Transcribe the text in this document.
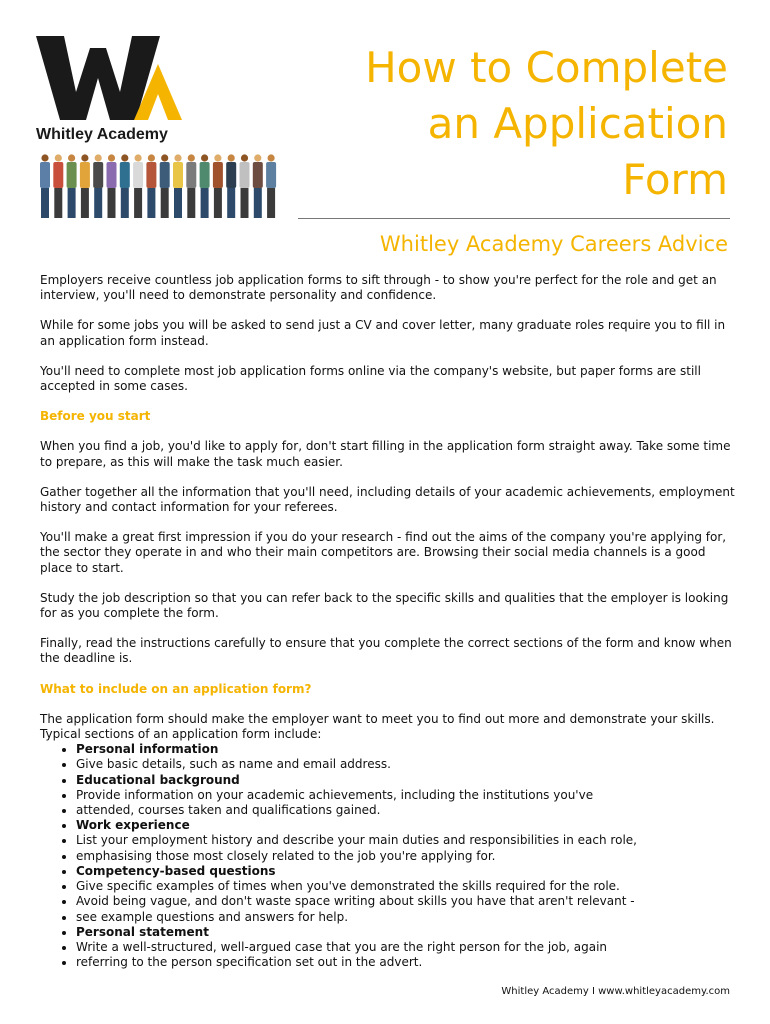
Whitley Academy
How to Complete
an Application
Form
Whitley Academy Careers Advice

Employers receive countless job application forms to sift through - to show you're perfect for the role and get an interview, you'll need to demonstrate personality and confidence.

While for some jobs you will be asked to send just a CV and cover letter, many graduate roles require you to fill in an application form instead.

You'll need to complete most job application forms online via the company's website, but paper forms are still accepted in some cases.

Before you start

When you find a job, you'd like to apply for, don't start filling in the application form straight away. Take some time to prepare, as this will make the task much easier.

Gather together all the information that you'll need, including details of your academic achievements, employment history and contact information for your referees.

You'll make a great first impression if you do your research - find out the aims of the company you're applying for, the sector they operate in and who their main competitors are. Browsing their social media channels is a good place to start.

Study the job description so that you can refer back to the specific skills and qualities that the employer is looking for as you complete the form.

Finally, read the instructions carefully to ensure that you complete the correct sections of the form and know when the deadline is.

What to include on an application form?

The application form should make the employer want to meet you to find out more and demonstrate your skills. Typical sections of an application form include:

• Personal information
• Give basic details, such as name and email address.
• Educational background
• Provide information on your academic achievements, including the institutions you've
• attended, courses taken and qualifications gained.
• Work experience
• List your employment history and describe your main duties and responsibilities in each role,
• emphasising those most closely related to the job you're applying for.
• Competency-based questions
• Give specific examples of times when you've demonstrated the skills required for the role.
• Avoid being vague, and don't waste space writing about skills you have that aren't relevant -
• see example questions and answers for help.
• Personal statement
• Write a well-structured, well-argued case that you are the right person for the job, again
• referring to the person specification set out in the advert.
Whitley Academy I www.whitleyacademy.com
